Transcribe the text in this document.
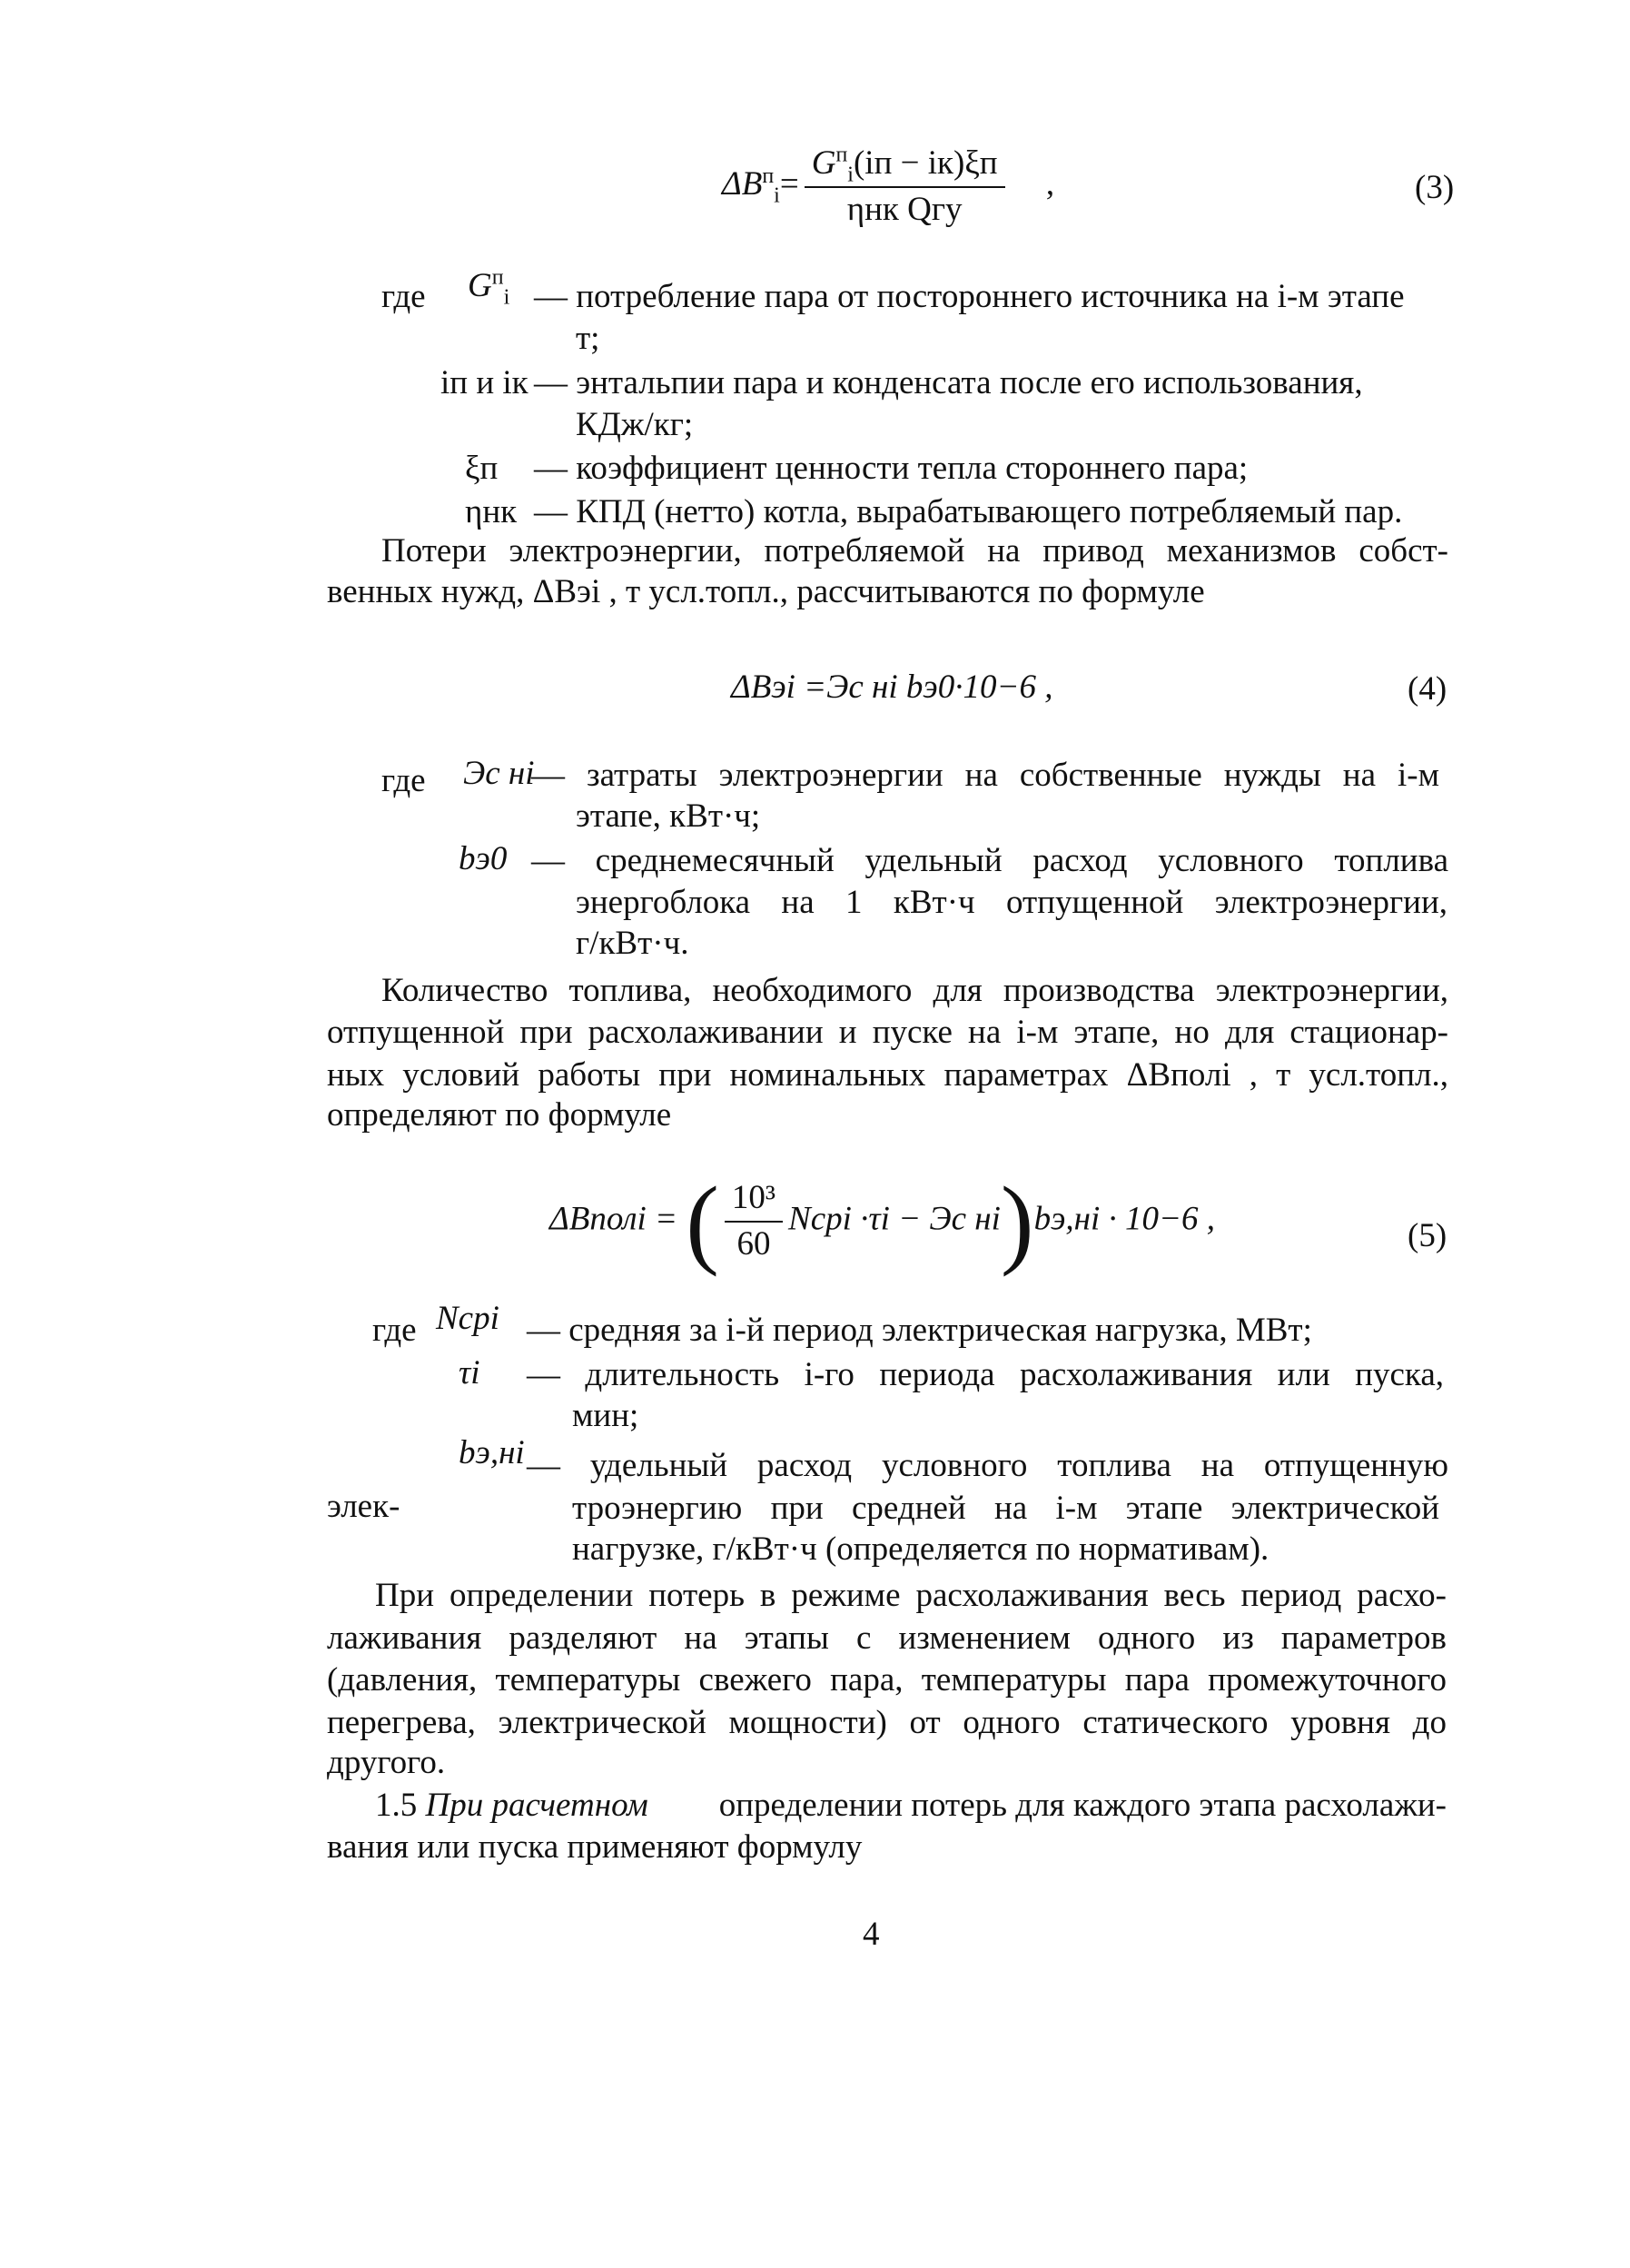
$\Delta B^п_i= \frac{G^п_i(iп - iк)\xi п}{\text{ηнк Qгу}}$ ,	(3)
где $G^п_i$ — потребление пара от постороннего источника на i-м этапе
т;
iп и iк — энтальпии пара и конденсата после его использования,
КДж/кг;
ξп — коэффициент ценности тепла стороннего пара;
ηнк — КПД (нетто) котла, вырабатывающего потребляемый пар.
Потери электроэнергии, потребляемой на привод механизмов собст-
венных нужд, ΔBэi , т усл.топл., рассчитываются по формуле
ΔBэi =Эс нi bэ0·10−6 ,	(4)
где Эс нi
— затраты электроэнергии на собственные нужды на i-м
этапе, кВт·ч;
bэ0 — среднемесячный удельный расход условного топлива
энергоблока на 1 кВт·ч отпущенной электроэнергии,
г/кВт·ч.
Количество топлива, необходимого для производства электроэнергии,
отпущенной при расхолаживании и пуске на i-м этапе, но для стационар-
ных условий работы при номинальных параметрах ΔBполi , т усл.топл.,
определяют по формуле
ΔBполi = ( $\frac{\text{10³}}{60}$ Nсрi ·τi − Эс нi)bэ,нi · 10−6 ,	(5)
где Nсрi — средняя за i-й период электрическая нагрузка, МВт;
τi — длительность i-го периода расхолаживания или пуска,
мин;
bэ,нi — удельный расход условного топлива на отпущенную
элек-	троэнергию при средней на i-м этапе электрической
нагрузке, г/кВт·ч (определяется по нормативам).
При определении потерь в режиме расхолаживания весь период расхо-
лаживания разделяют на этапы с изменением одного из параметров
(давления, температуры свежего пара, температуры пара промежуточного
перегрева, электрической мощности) от одного статического уровня до
другого.
1.5 При расчетном определении потерь для каждого этапа расхолажи-
вания или пуска применяют формулу
4
